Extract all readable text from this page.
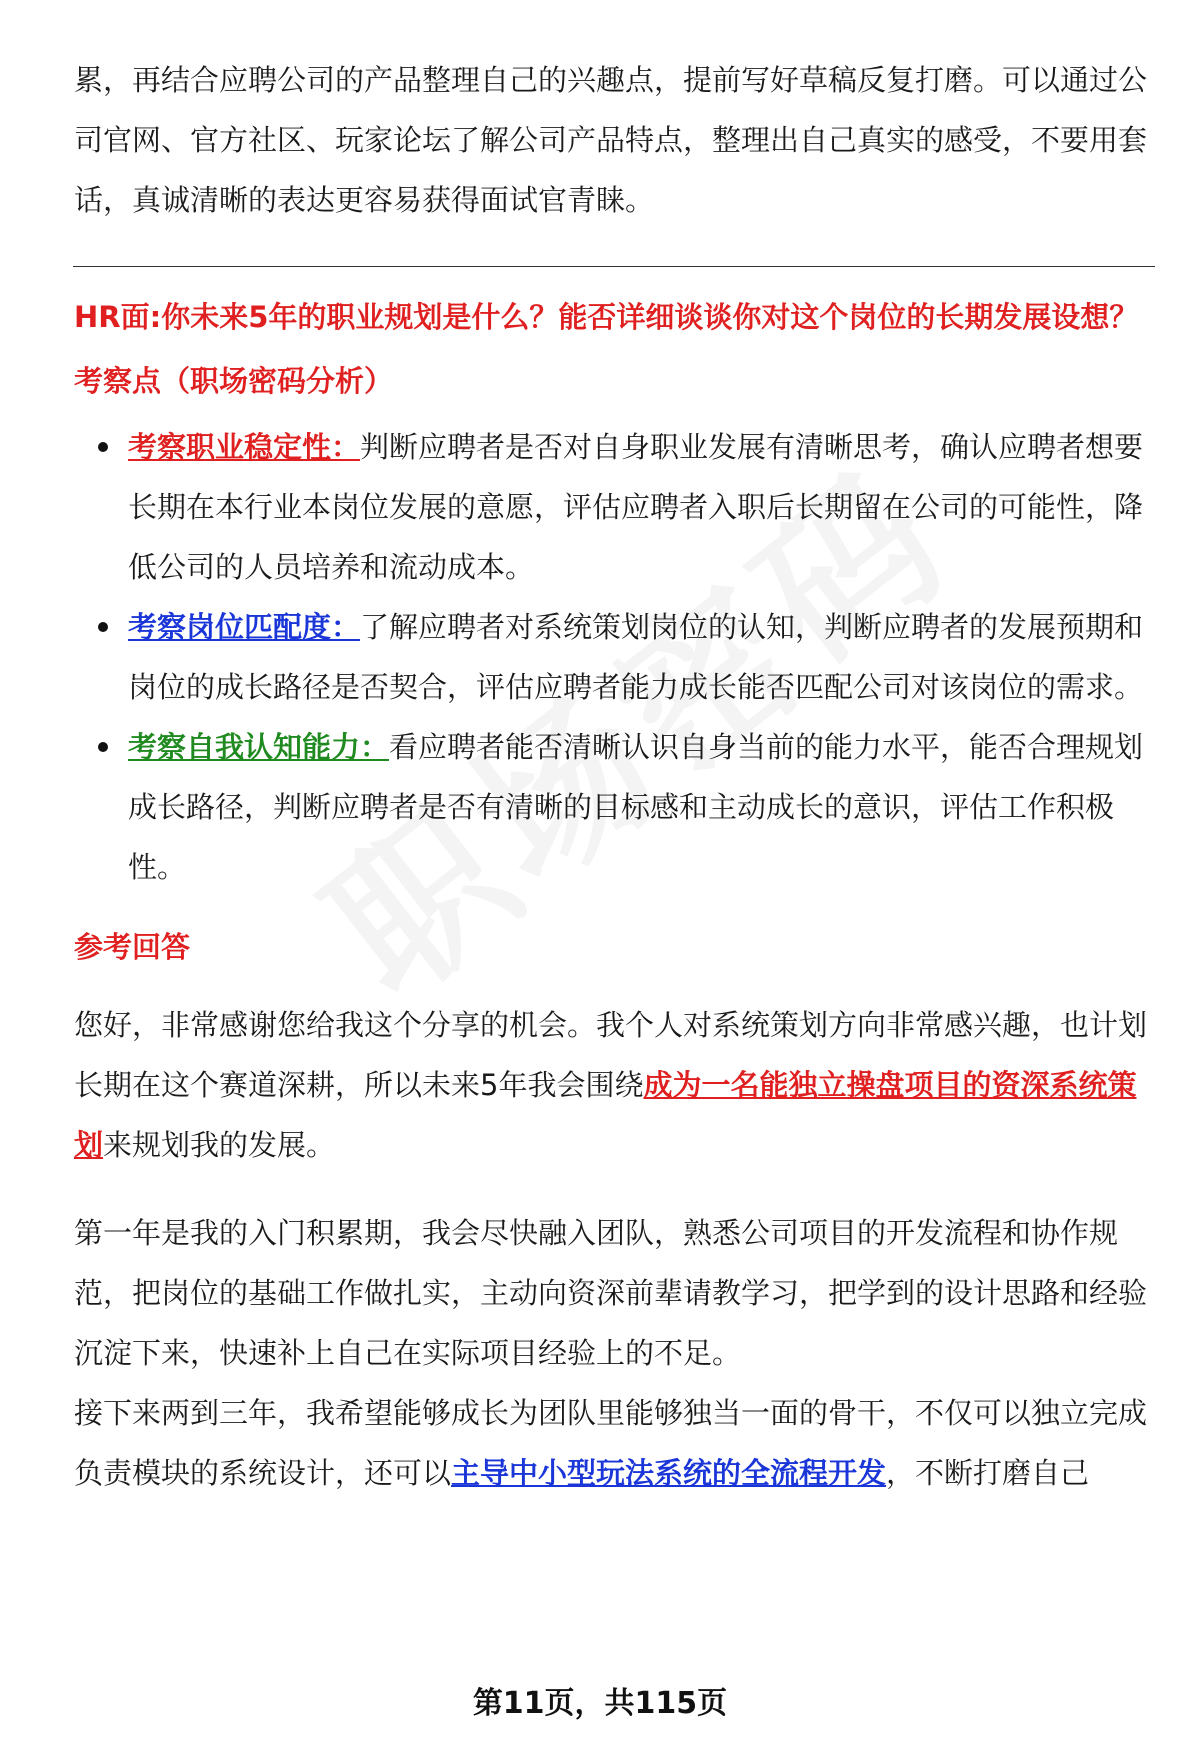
累，再结合应聘公司的产品整理自己的兴趣点，提前写好草稿反复打磨。可以通过公司官网、官方社区、玩家论坛了解公司产品特点，整理出自己真实的感受，不要用套话，真诚清晰的表达更容易获得面试官青睐。

HR面:你未来5年的职业规划是什么？能否详细谈谈你对这个岗位的长期发展设想？
考察点（职场密码分析）
考察职业稳定性：判断应聘者是否对自身职业发展有清晰思考，确认应聘者想要长期在本行业本岗位发展的意愿，评估应聘者入职后长期留在公司的可能性，降低公司的人员培养和流动成本。
考察岗位匹配度：了解应聘者对系统策划岗位的认知，判断应聘者的发展预期和岗位的成长路径是否契合，评估应聘者能力成长能否匹配公司对该岗位的需求。
考察自我认知能力：看应聘者能否清晰认识自身当前的能力水平，能否合理规划成长路径，判断应聘者是否有清晰的目标感和主动成长的意识，评估工作积极性。
参考回答

您好，非常感谢您给我这个分享的机会。我个人对系统策划方向非常感兴趣，也计划长期在这个赛道深耕，所以未来5年我会围绕成为一名能独立操盘项目的资深系统策划来规划我的发展。

第一年是我的入门积累期，我会尽快融入团队，熟悉公司项目的开发流程和协作规范，把岗位的基础工作做扎实，主动向资深前辈请教学习，把学到的设计思路和经验沉淀下来，快速补上自己在实际项目经验上的不足。

接下来两到三年，我希望能够成长为团队里能够独当一面的骨干，不仅可以独立完成负责模块的系统设计，还可以主导中小型玩法系统的全流程开发，不断打磨自己

第11页，共115页
